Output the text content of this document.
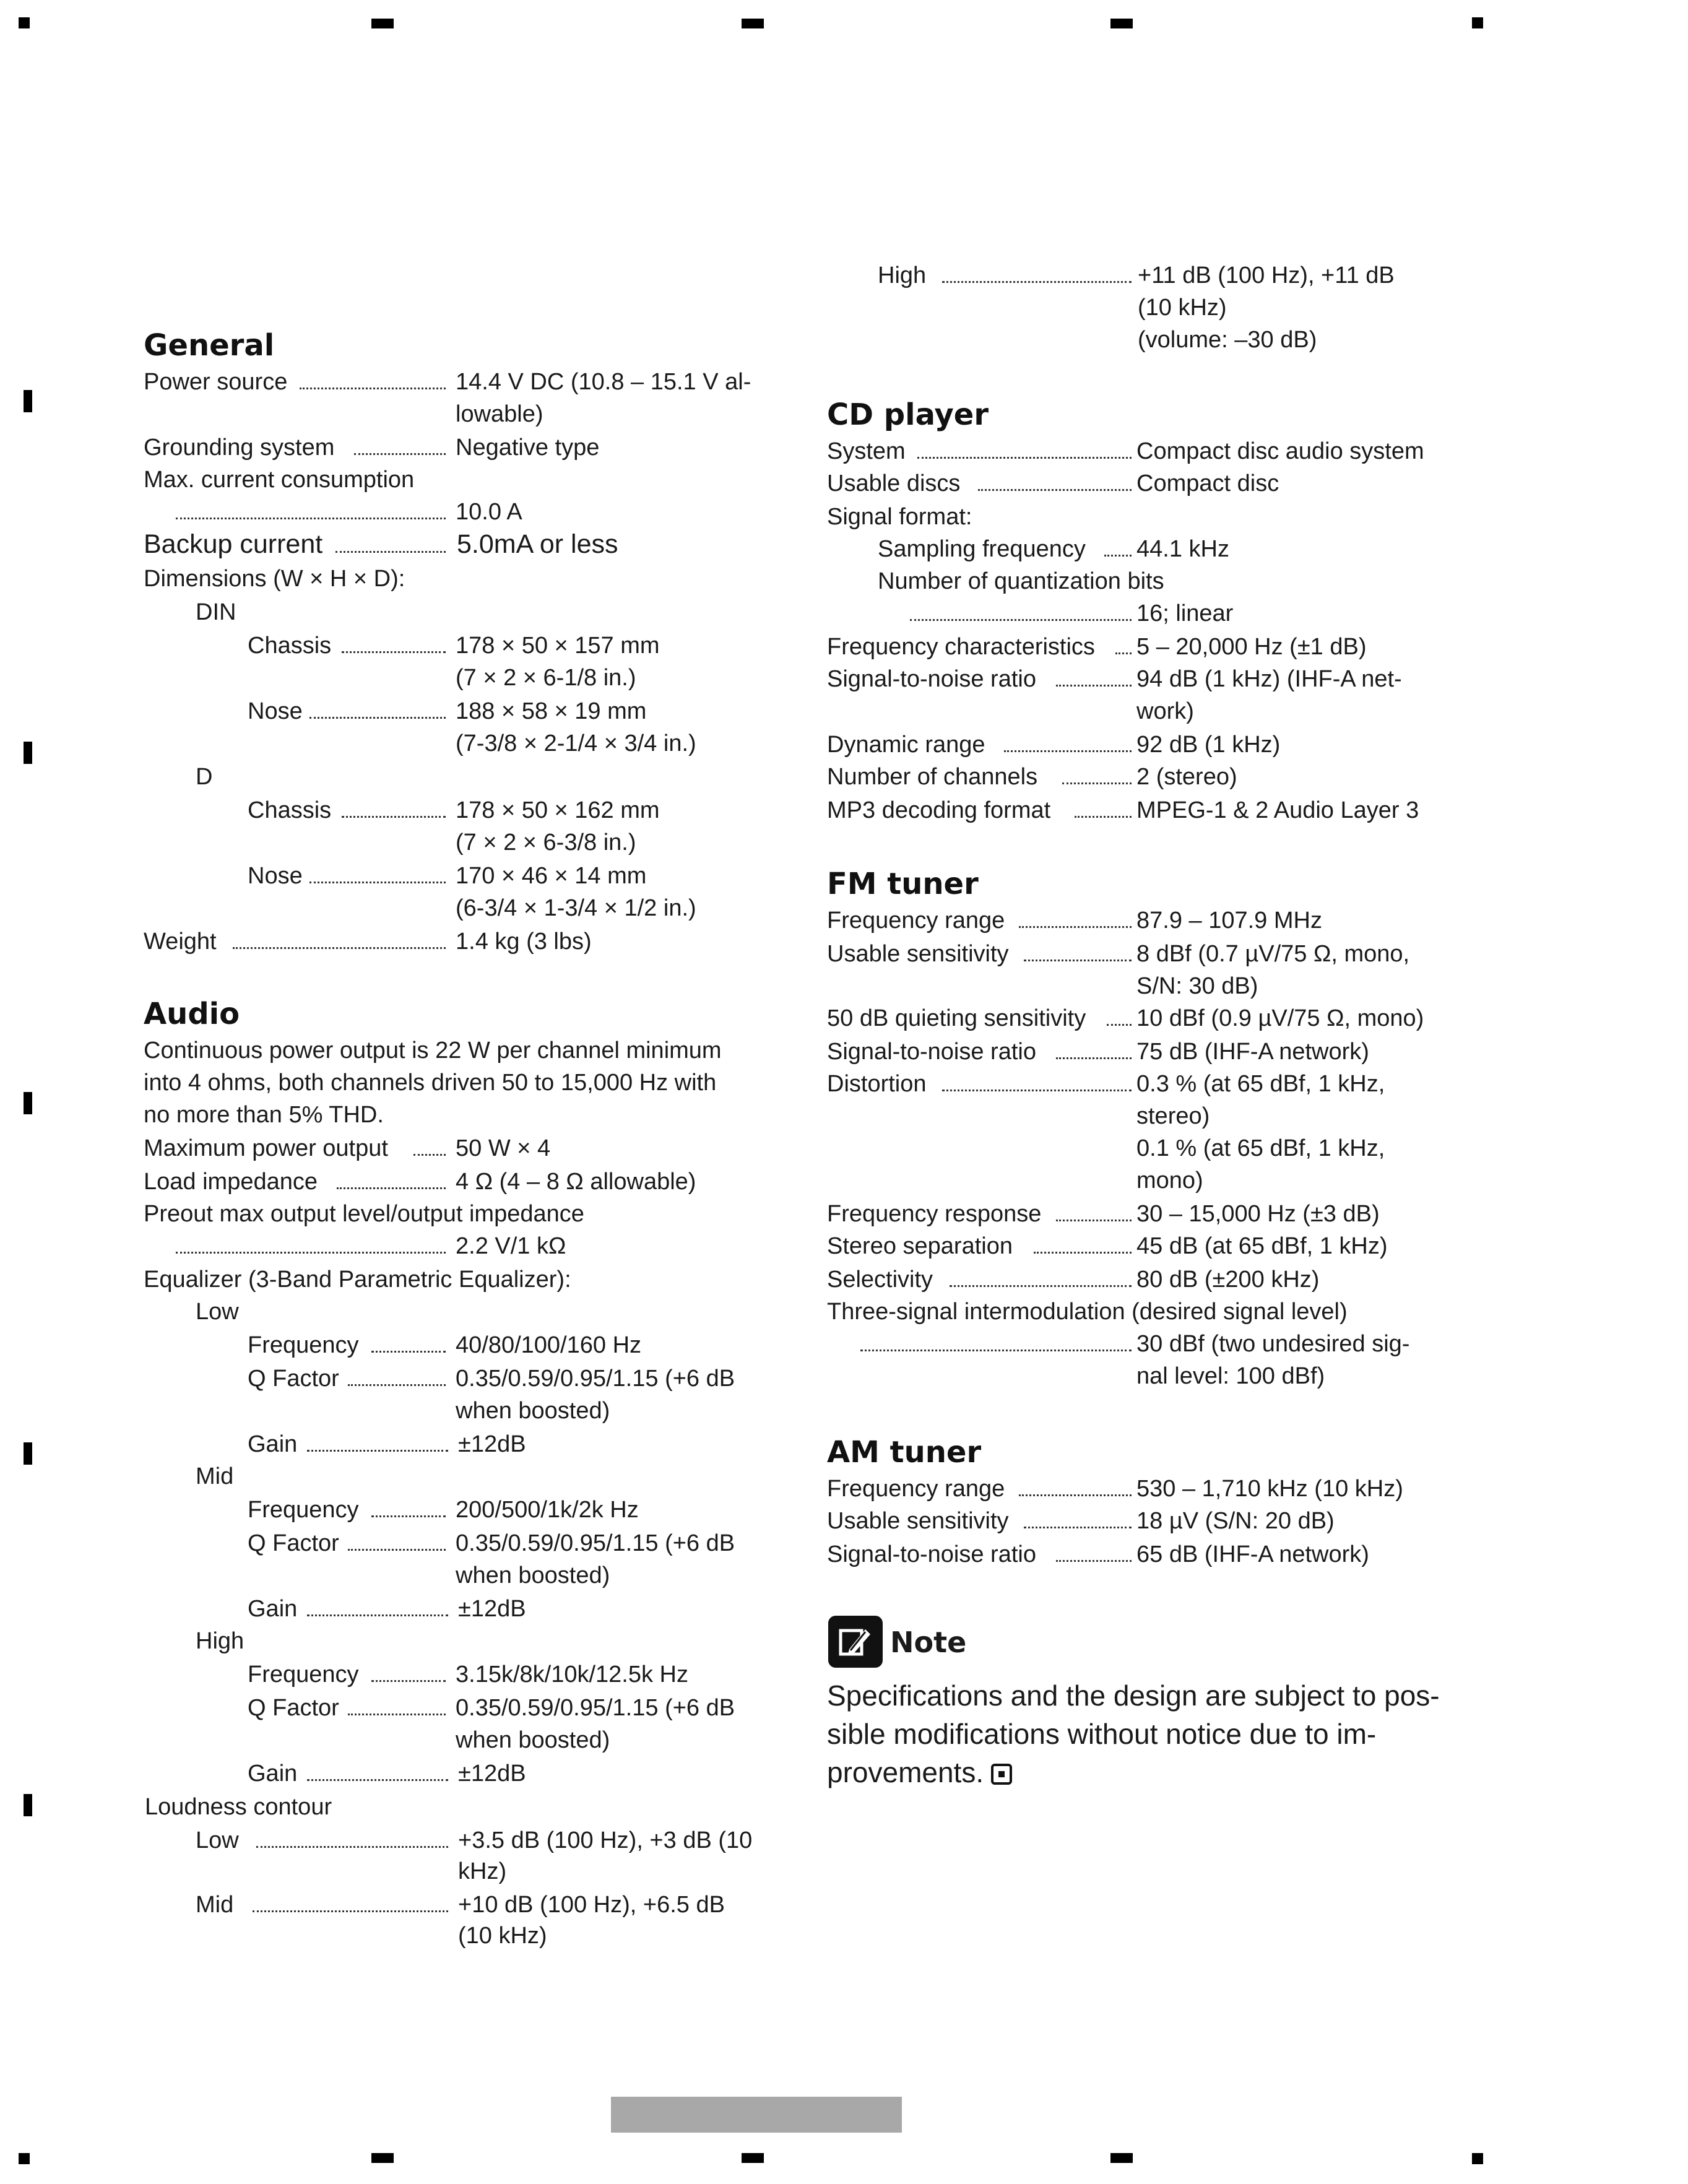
General
Power source	14.4 V DC (10.8 – 15.1 V al-
lowable)
Grounding system	Negative type
Max. current consumption
10.0 A
Backup current	5.0mA or less
Dimensions (W × H × D):
DIN
Chassis	178 × 50 × 157 mm
(7 × 2 × 6-1/8 in.)
Nose	188 × 58 × 19 mm
(7-3/8 × 2-1/4 × 3/4 in.)
D
Chassis	178 × 50 × 162 mm
(7 × 2 × 6-3/8 in.)
Nose	170 × 46 × 14 mm
(6-3/4 × 1-3/4 × 1/2 in.)
Weight	1.4 kg (3 lbs)
Audio
Continuous power output is 22 W per channel minimum
into 4 ohms, both channels driven 50 to 15,000 Hz with
no more than 5% THD.
Maximum power output	50 W × 4
Load impedance	4 Ω (4 – 8 Ω allowable)
Preout max output level/output impedance
2.2 V/1 kΩ
Equalizer (3-Band Parametric Equalizer):
Low
Frequency	40/80/100/160 Hz
Q Factor	0.35/0.59/0.95/1.15 (+6 dB
when boosted)
Gain	±12dB
Mid
Frequency	200/500/1k/2k Hz
Q Factor	0.35/0.59/0.95/1.15 (+6 dB
when boosted)
Gain	±12dB
High
Frequency	3.15k/8k/10k/12.5k Hz
Q Factor	0.35/0.59/0.95/1.15 (+6 dB
when boosted)
Gain	±12dB
Loudness contour
Low	+3.5 dB (100 Hz), +3 dB (10
kHz)
Mid	+10 dB (100 Hz), +6.5 dB
(10 kHz)
High	+11 dB (100 Hz), +11 dB
(10 kHz)
(volume: –30 dB)
CD player
System	Compact disc audio system
Usable discs	Compact disc
Signal format:
Sampling frequency 44.1 kHz
Number of quantization bits
16; linear
Frequency characteristics 5 – 20,000 Hz (±1 dB)
Signal-to-noise ratio	94 dB (1 kHz) (IHF-A net-
work)
Dynamic range	92 dB (1 kHz)
Number of channels	2 (stereo)
MP3 decoding format	MPEG-1 & 2 Audio Layer 3
FM tuner
Frequency range	87.9 – 107.9 MHz
Usable sensitivity	8 dBf (0.7 µV/75 Ω, mono,
S/N: 30 dB)
50 dB quieting sensitivity 10 dBf (0.9 µV/75 Ω, mono)
Signal-to-noise ratio	75 dB (IHF-A network)
Distortion	0.3 % (at 65 dBf, 1 kHz,
stereo)
0.1 % (at 65 dBf, 1 kHz,
mono)
Frequency response	30 – 15,000 Hz (±3 dB)
Stereo separation	45 dB (at 65 dBf, 1 kHz)
Selectivity	80 dB (±200 kHz)
Three-signal intermodulation (desired signal level)
30 dBf (two undesired sig-
nal level: 100 dBf)
AM tuner
Frequency range	530 – 1,710 kHz (10 kHz)
Usable sensitivity	18 µV (S/N: 20 dB)
Signal-to-noise ratio	65 dB (IHF-A network)
Note
Specifications and the design are subject to pos-
sible modifications without notice due to im-
provements.
